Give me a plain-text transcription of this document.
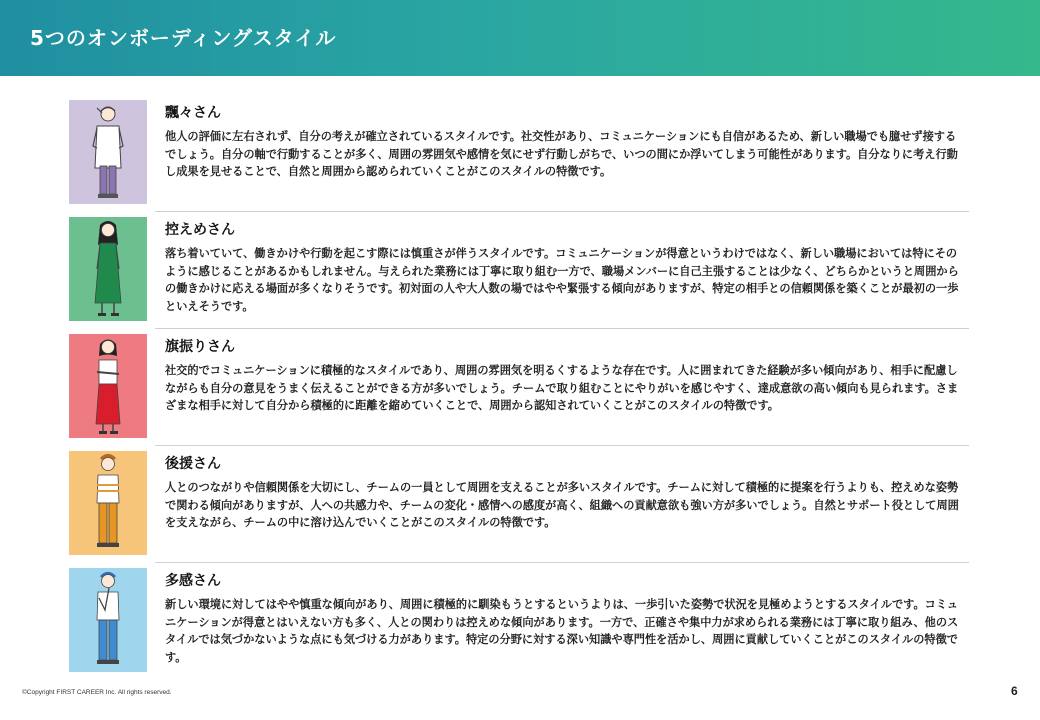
5つのオンボーディングスタイル
飄々さん
他人の評価に左右されず、自分の考えが確立されているスタイルです。社交性があり、コミュニケーションにも自信があるため、新しい職場でも臆せず接するでしょう。自分の軸で行動することが多く、周囲の雰囲気や感情を気にせず行動しがちで、いつの間にか浮いてしまう可能性があります。自分なりに考え行動し成果を見せることで、自然と周囲から認められていくことがこのスタイルの特徴です。
控えめさん
落ち着いていて、働きかけや行動を起こす際には慎重さが伴うスタイルです。コミュニケーションが得意というわけではなく、新しい職場においては特にそのように感じることがあるかもしれません。与えられた業務には丁寧に取り組む一方で、職場メンバーに自己主張することは少なく、どちらかというと周囲からの働きかけに応える場面が多くなりそうです。初対面の人や大人数の場ではやや緊張する傾向がありますが、特定の相手との信頼関係を築くことが最初の一歩といえそうです。
旗振りさん
社交的でコミュニケーションに積極的なスタイルであり、周囲の雰囲気を明るくするような存在です。人に囲まれてきた経験が多い傾向があり、相手に配慮しながらも自分の意見をうまく伝えることができる方が多いでしょう。チームで取り組むことにやりがいを感じやすく、達成意欲の高い傾向も見られます。さまざまな相手に対して自分から積極的に距離を縮めていくことで、周囲から認知されていくことがこのスタイルの特徴です。
後援さん
人とのつながりや信頼関係を大切にし、チームの一員として周囲を支えることが多いスタイルです。チームに対して積極的に提案を行うよりも、控えめな姿勢で関わる傾向がありますが、人への共感力や、チームの変化・感情への感度が高く、組織への貢献意欲も強い方が多いでしょう。自然とサポート役として周囲を支えながら、チームの中に溶け込んでいくことがこのスタイルの特徴です。
多感さん
新しい環境に対してはやや慎重な傾向があり、周囲に積極的に馴染もうとするというよりは、一歩引いた姿勢で状況を見極めようとするスタイルです。コミュニケーションが得意とはいえない方も多く、人との関わりは控えめな傾向があります。一方で、正確さや集中力が求められる業務には丁寧に取り組み、他のスタイルでは気づかないような点にも気づける力があります。特定の分野に対する深い知識や専門性を活かし、周囲に貢献していくことがこのスタイルの特徴です。
©Copyright FIRST CAREER Inc. All rights reserved.	6
